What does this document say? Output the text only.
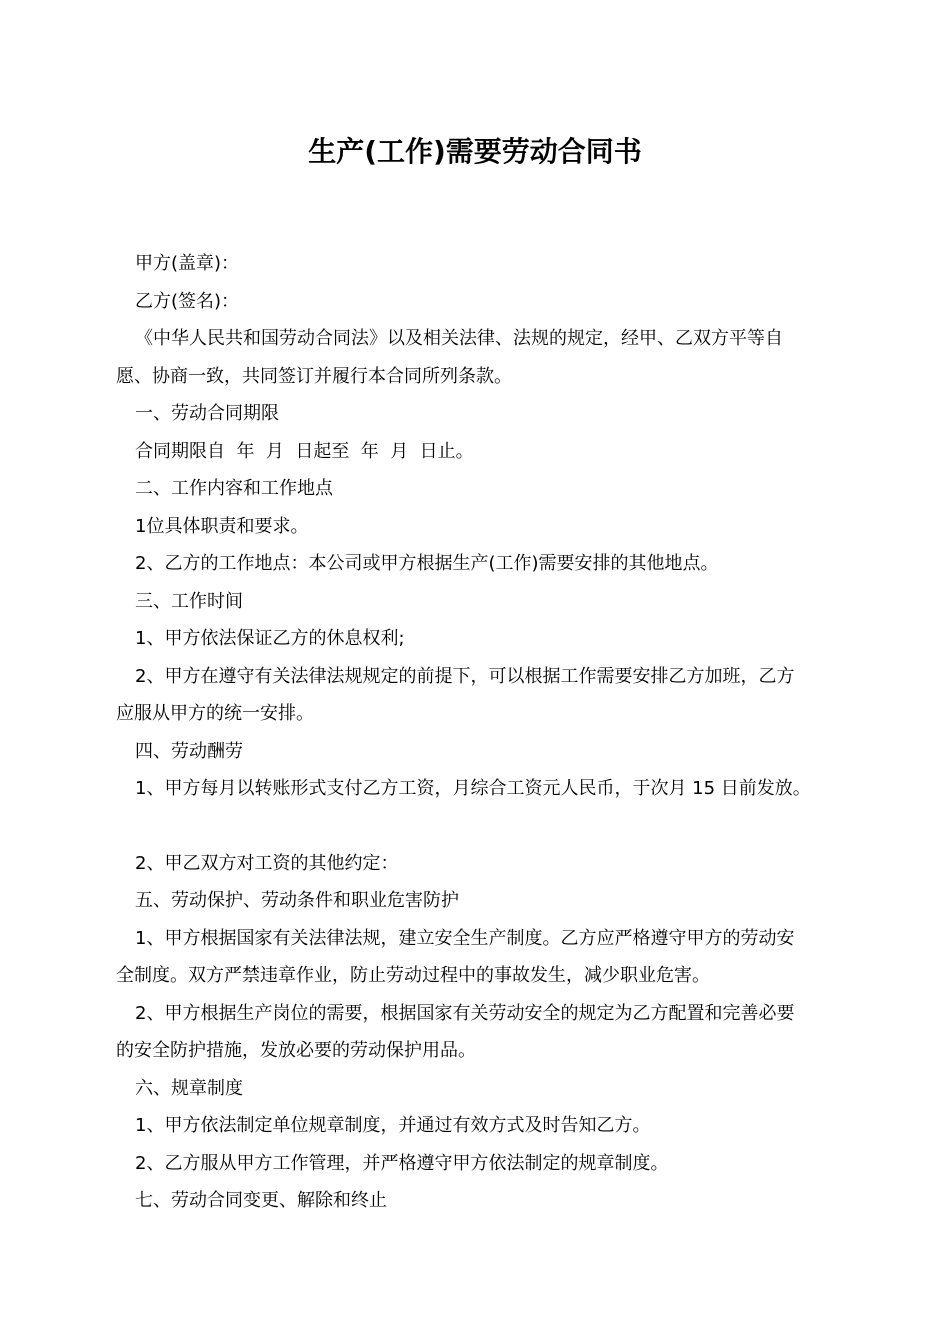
生产(工作)需要劳动合同书

甲方(盖章)：

乙方(签名)：

《中华人民共和国劳动合同法》以及相关法律、法规的规定，经甲、乙双方平等自

愿、协商一致，共同签订并履行本合同所列条款。

一、劳动合同期限

合同期限自  年  月  日起至  年  月  日止。

二、工作内容和工作地点

1位具体职责和要求。

2、乙方的工作地点：本公司或甲方根据生产(工作)需要安排的其他地点。

三、工作时间

1、甲方依法保证乙方的休息权利;

2、甲方在遵守有关法律法规规定的前提下，可以根据工作需要安排乙方加班，乙方

应服从甲方的统一安排。

四、劳动酬劳

1、甲方每月以转账形式支付乙方工资，月综合工资元人民币，于次月 15 日前发放。

2、甲乙双方对工资的其他约定：

五、劳动保护、劳动条件和职业危害防护

1、甲方根据国家有关法律法规，建立安全生产制度。乙方应严格遵守甲方的劳动安

全制度。双方严禁违章作业，防止劳动过程中的事故发生，减少职业危害。

2、甲方根据生产岗位的需要，根据国家有关劳动安全的规定为乙方配置和完善必要

的安全防护措施，发放必要的劳动保护用品。

六、规章制度

1、甲方依法制定单位规章制度，并通过有效方式及时告知乙方。

2、乙方服从甲方工作管理，并严格遵守甲方依法制定的规章制度。

七、劳动合同变更、解除和终止
